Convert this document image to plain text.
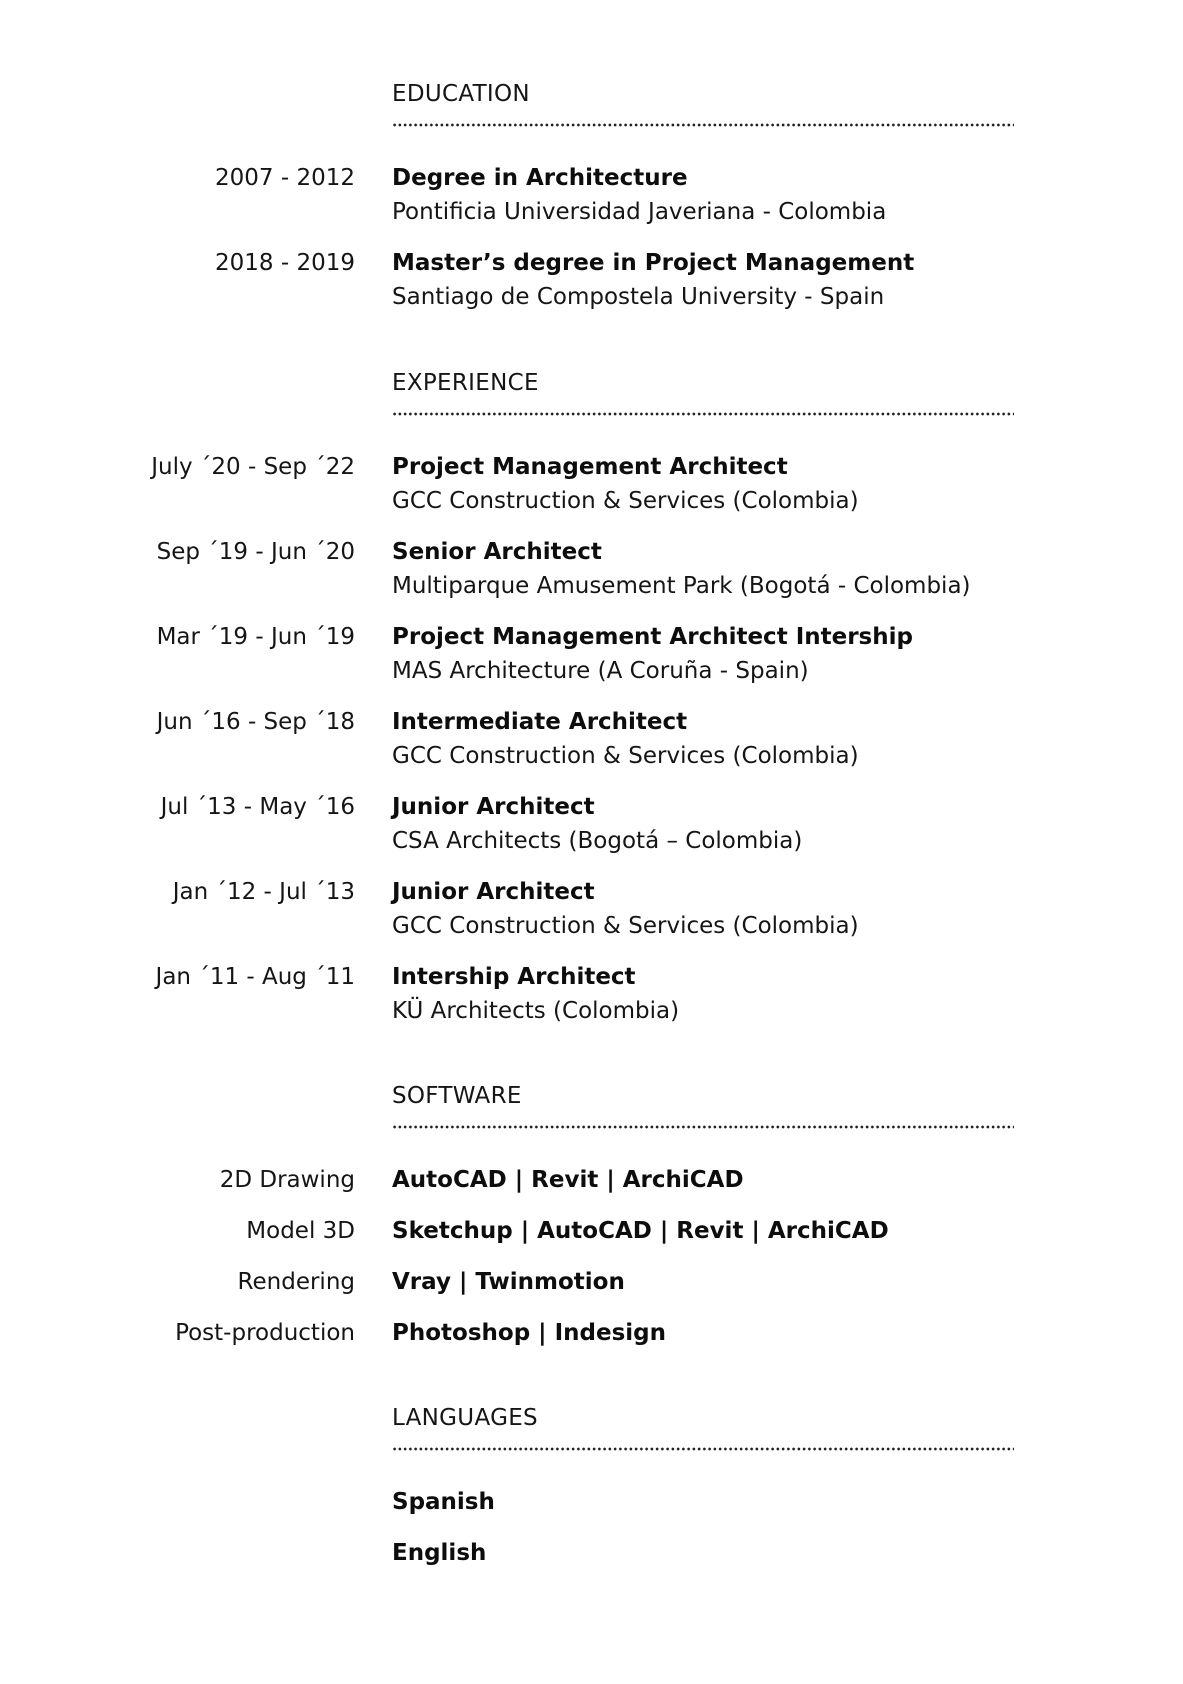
EDUCATION
2007 - 2012 Degree in Architecture
Pontificia Universidad Javeriana - Colombia
2018 - 2019 Master’s degree in Project Management
Santiago de Compostela University - Spain
EXPERIENCE
July ´20 - Sep ´22 Project Management Architect
GCC Construction & Services (Colombia)
Sep ´19 - Jun ´20 Senior Architect
Multiparque Amusement Park (Bogotá - Colombia)
Mar ´19 - Jun ´19 Project Management Architect Intership
MAS Architecture (A Coruña - Spain)
Jun ´16 - Sep ´18 Intermediate Architect
GCC Construction & Services (Colombia)
Jul ´13 - May ´16 Junior Architect
CSA Architects (Bogotá – Colombia)
Jan ´12 - Jul ´13 Junior Architect
GCC Construction & Services (Colombia)
Jan ´11 - Aug ´11 Intership Architect
KÜ Architects (Colombia)
SOFTWARE
2D Drawing AutoCAD | Revit | ArchiCAD
Model 3D Sketchup | AutoCAD | Revit | ArchiCAD
Rendering Vray | Twinmotion
Post-production Photoshop | Indesign
LANGUAGES
Spanish
English
